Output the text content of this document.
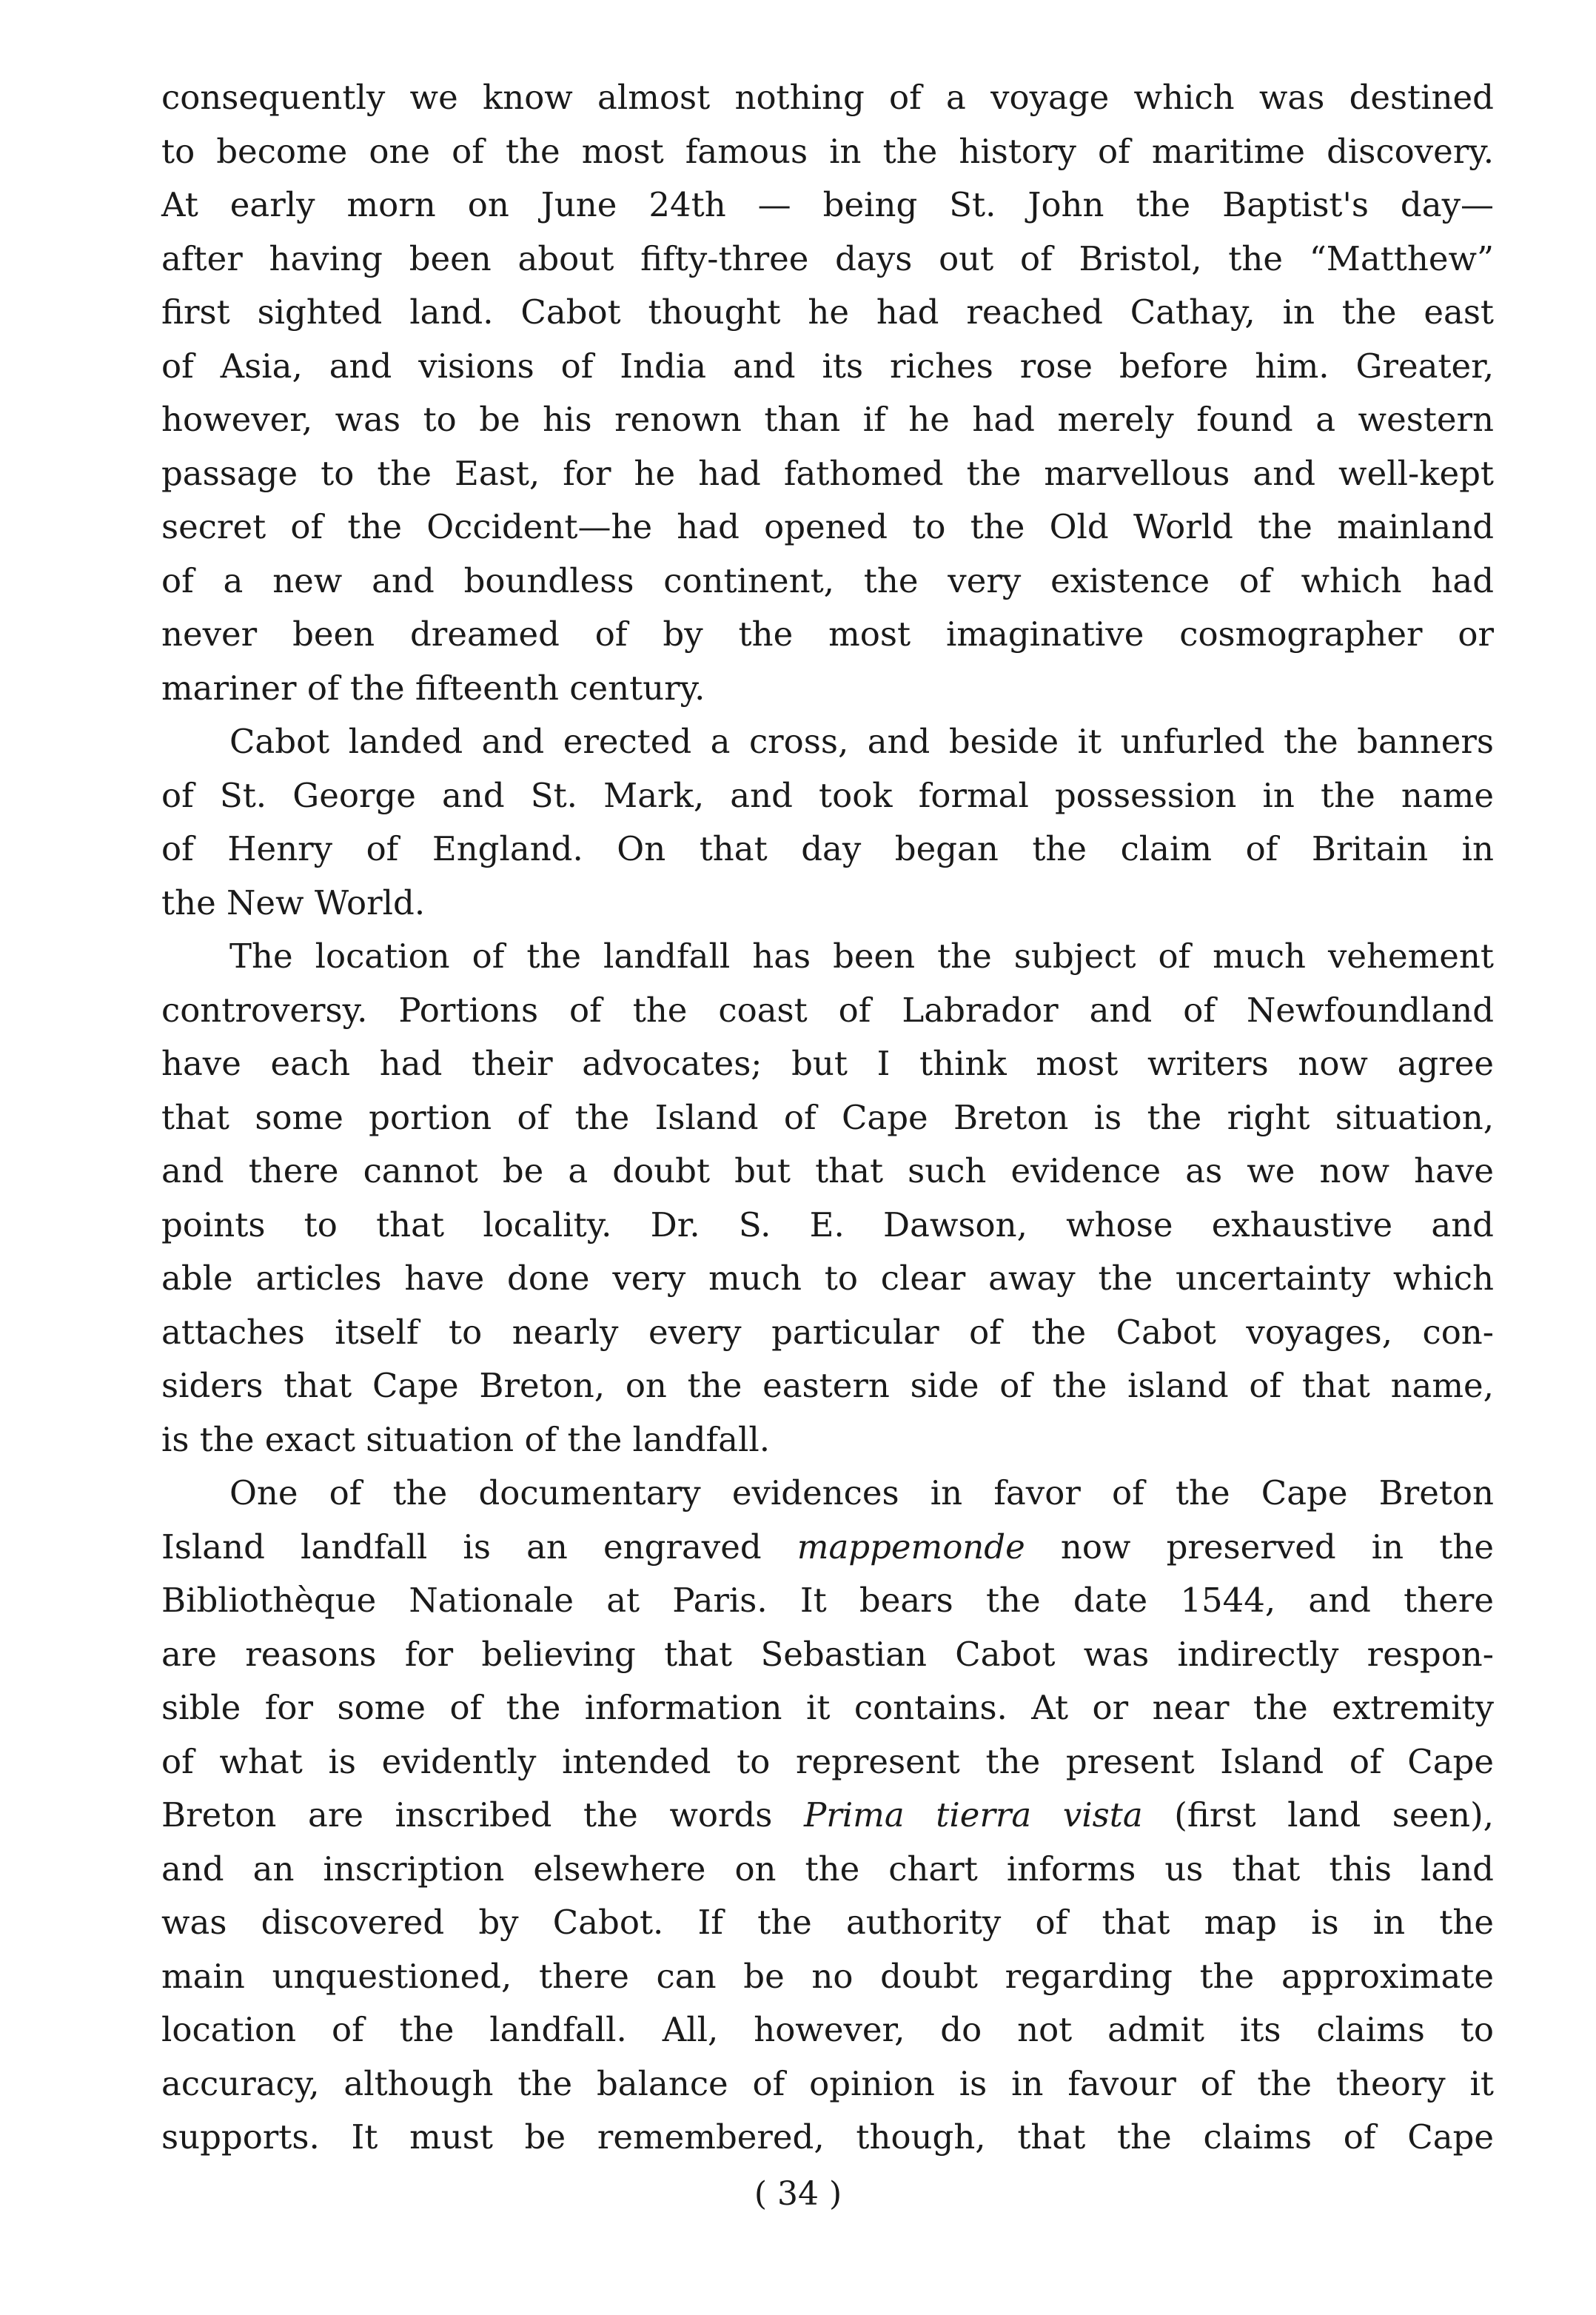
consequently we know almost nothing of a voyage which was destined
to become one of the most famous in the history of maritime discovery.
At early morn on June 24th — being St. John the Baptist's day—
after having been about fifty-three days out of Bristol, the “Matthew”
first sighted land. Cabot thought he had reached Cathay, in the east
of Asia, and visions of India and its riches rose before him. Greater,
however, was to be his renown than if he had merely found a western
passage to the East, for he had fathomed the marvellous and well-kept
secret of the Occident—he had opened to the Old World the mainland
of a new and boundless continent, the very existence of which had
never been dreamed of by the most imaginative cosmographer or
mariner of the fifteenth century.

Cabot landed and erected a cross, and beside it unfurled the banners
of St. George and St. Mark, and took formal possession in the name
of Henry of England. On that day began the claim of Britain in
the New World.

The location of the landfall has been the subject of much vehement
controversy. Portions of the coast of Labrador and of Newfoundland
have each had their advocates; but I think most writers now agree
that some portion of the Island of Cape Breton is the right situation,
and there cannot be a doubt but that such evidence as we now have
points to that locality. Dr. S. E. Dawson, whose exhaustive and
able articles have done very much to clear away the uncertainty which
attaches itself to nearly every particular of the Cabot voyages, con-
siders that Cape Breton, on the eastern side of the island of that name,
is the exact situation of the landfall.

One of the documentary evidences in favor of the Cape Breton
Island landfall is an engraved mappemonde now preserved in the
Bibliothèque Nationale at Paris. It bears the date 1544, and there
are reasons for believing that Sebastian Cabot was indirectly respon-
sible for some of the information it contains. At or near the extremity
of what is evidently intended to represent the present Island of Cape
Breton are inscribed the words Prima tierra vista (first land seen),
and an inscription elsewhere on the chart informs us that this land
was discovered by Cabot. If the authority of that map is in the
main unquestioned, there can be no doubt regarding the approximate
location of the landfall. All, however, do not admit its claims to
accuracy, although the balance of opinion is in favour of the theory it
supports. It must be remembered, though, that the claims of Cape

( 34 )
